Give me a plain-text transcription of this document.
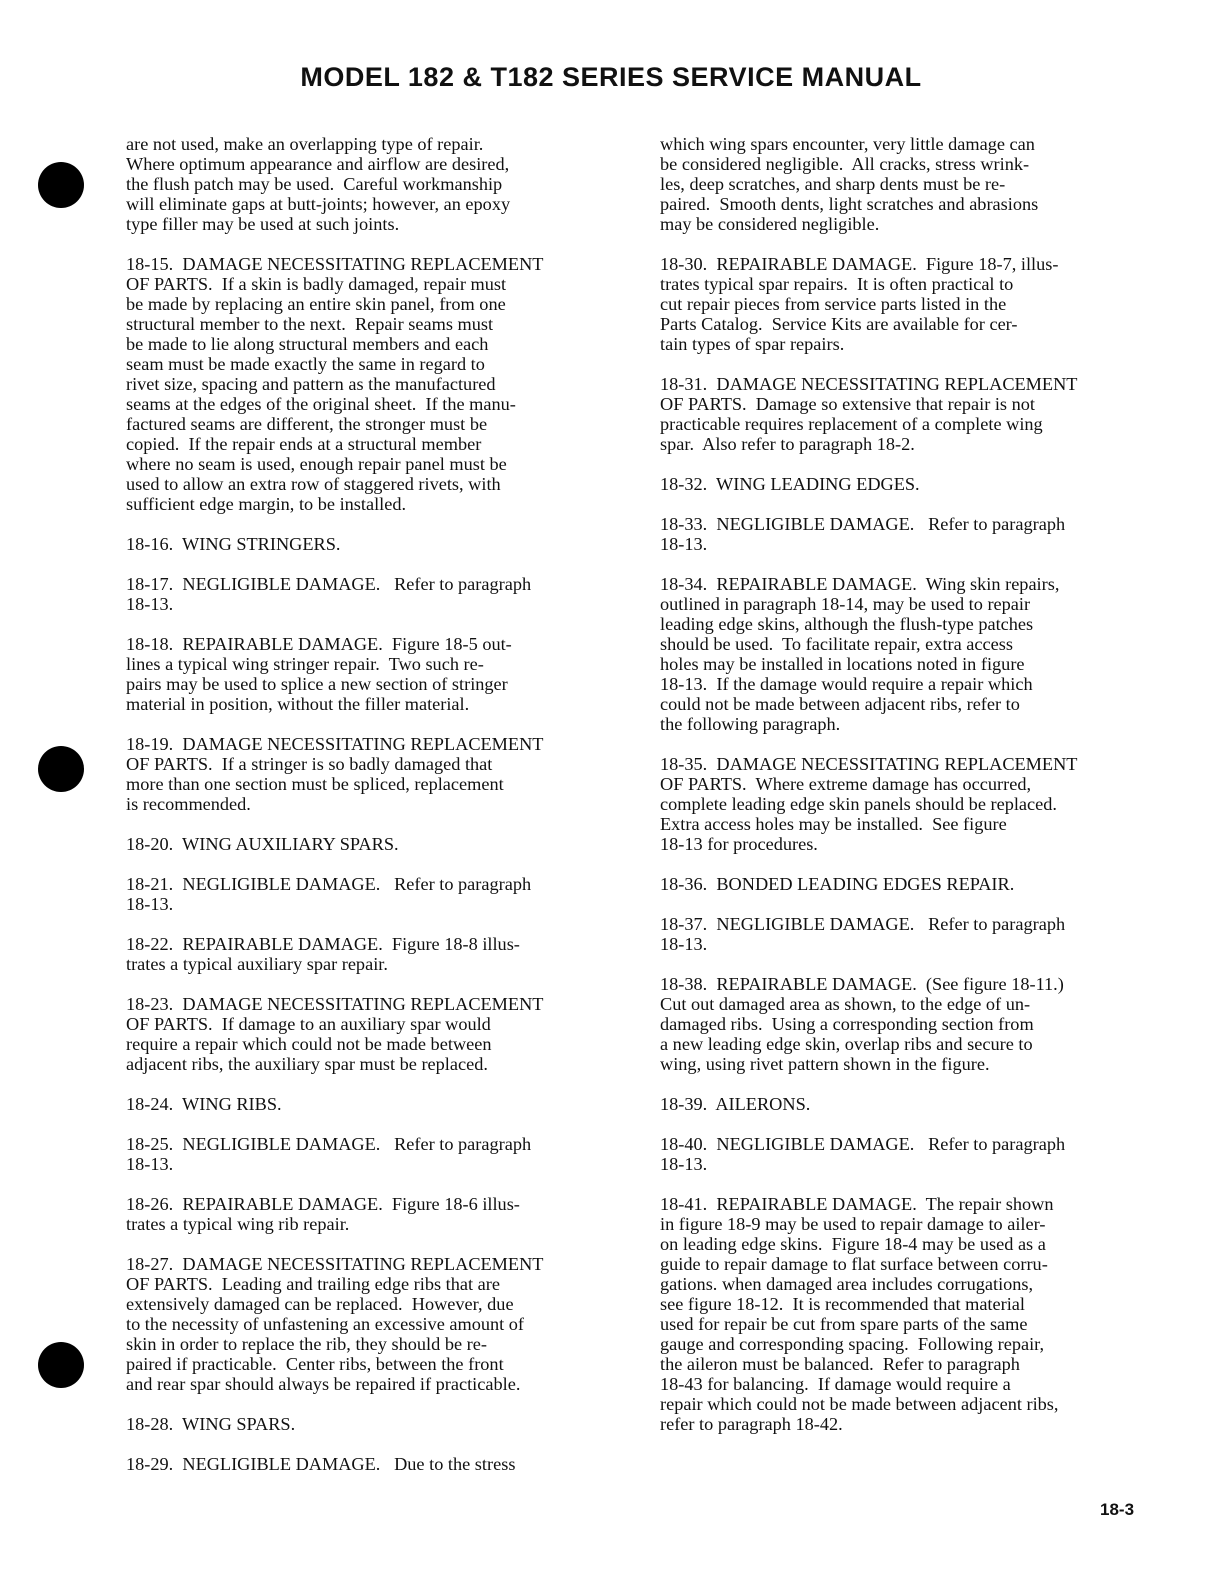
MODEL 182 & T182 SERIES SERVICE MANUAL

are not used, make an overlapping type of repair.
Where optimum appearance and airflow are desired,
the flush patch may be used.  Careful workmanship
will eliminate gaps at butt-joints; however, an epoxy
type filler may be used at such joints.

18-15.  DAMAGE NECESSITATING REPLACEMENT
OF PARTS.  If a skin is badly damaged, repair must
be made by replacing an entire skin panel, from one
structural member to the next.  Repair seams must
be made to lie along structural members and each
seam must be made exactly the same in regard to
rivet size, spacing and pattern as the manufactured
seams at the edges of the original sheet.  If the manu-
factured seams are different, the stronger must be
copied.  If the repair ends at a structural member
where no seam is used, enough repair panel must be
used to allow an extra row of staggered rivets, with
sufficient edge margin, to be installed.

18-16.  WING STRINGERS.

18-17.  NEGLIGIBLE DAMAGE.   Refer to paragraph
18-13.

18-18.  REPAIRABLE DAMAGE.  Figure 18-5 out-
lines a typical wing stringer repair.  Two such re-
pairs may be used to splice a new section of stringer
material in position, without the filler material.

18-19.  DAMAGE NECESSITATING REPLACEMENT
OF PARTS.  If a stringer is so badly damaged that
more than one section must be spliced, replacement
is recommended.

18-20.  WING AUXILIARY SPARS.

18-21.  NEGLIGIBLE DAMAGE.   Refer to paragraph
18-13.

18-22.  REPAIRABLE DAMAGE.  Figure 18-8 illus-
trates a typical auxiliary spar repair.

18-23.  DAMAGE NECESSITATING REPLACEMENT
OF PARTS.  If damage to an auxiliary spar would
require a repair which could not be made between
adjacent ribs, the auxiliary spar must be replaced.

18-24.  WING RIBS.

18-25.  NEGLIGIBLE DAMAGE.   Refer to paragraph
18-13.

18-26.  REPAIRABLE DAMAGE.  Figure 18-6 illus-
trates a typical wing rib repair.

18-27.  DAMAGE NECESSITATING REPLACEMENT
OF PARTS.  Leading and trailing edge ribs that are
extensively damaged can be replaced.  However, due
to the necessity of unfastening an excessive amount of
skin in order to replace the rib, they should be re-
paired if practicable.  Center ribs, between the front
and rear spar should always be repaired if practicable.

18-28.  WING SPARS.

18-29.  NEGLIGIBLE DAMAGE.   Due to the stress

which wing spars encounter, very little damage can
be considered negligible.  All cracks, stress wrink-
les, deep scratches, and sharp dents must be re-
paired.  Smooth dents, light scratches and abrasions
may be considered negligible.

18-30.  REPAIRABLE DAMAGE.  Figure 18-7, illus-
trates typical spar repairs.  It is often practical to
cut repair pieces from service parts listed in the
Parts Catalog.  Service Kits are available for cer-
tain types of spar repairs.

18-31.  DAMAGE NECESSITATING REPLACEMENT
OF PARTS.  Damage so extensive that repair is not
practicable requires replacement of a complete wing
spar.  Also refer to paragraph 18-2.

18-32.  WING LEADING EDGES.

18-33.  NEGLIGIBLE DAMAGE.   Refer to paragraph
18-13.

18-34.  REPAIRABLE DAMAGE.  Wing skin repairs,
outlined in paragraph 18-14, may be used to repair
leading edge skins, although the flush-type patches
should be used.  To facilitate repair, extra access
holes may be installed in locations noted in figure
18-13.  If the damage would require a repair which
could not be made between adjacent ribs, refer to
the following paragraph.

18-35.  DAMAGE NECESSITATING REPLACEMENT
OF PARTS.  Where extreme damage has occurred,
complete leading edge skin panels should be replaced.
Extra access holes may be installed.  See figure
18-13 for procedures.

18-36.  BONDED LEADING EDGES REPAIR.

18-37.  NEGLIGIBLE DAMAGE.   Refer to paragraph
18-13.

18-38.  REPAIRABLE DAMAGE.  (See figure 18-11.)
Cut out damaged area as shown, to the edge of un-
damaged ribs.  Using a corresponding section from
a new leading edge skin, overlap ribs and secure to
wing, using rivet pattern shown in the figure.

18-39.  AILERONS.

18-40.  NEGLIGIBLE DAMAGE.   Refer to paragraph
18-13.

18-41.  REPAIRABLE DAMAGE.  The repair shown
in figure 18-9 may be used to repair damage to ailer-
on leading edge skins.  Figure 18-4 may be used as a
guide to repair damage to flat surface between corru-
gations. when damaged area includes corrugations,
see figure 18-12.  It is recommended that material
used for repair be cut from spare parts of the same
gauge and corresponding spacing.  Following repair,
the aileron must be balanced.  Refer to paragraph
18-43 for balancing.  If damage would require a
repair which could not be made between adjacent ribs,
refer to paragraph 18-42.

18-3
